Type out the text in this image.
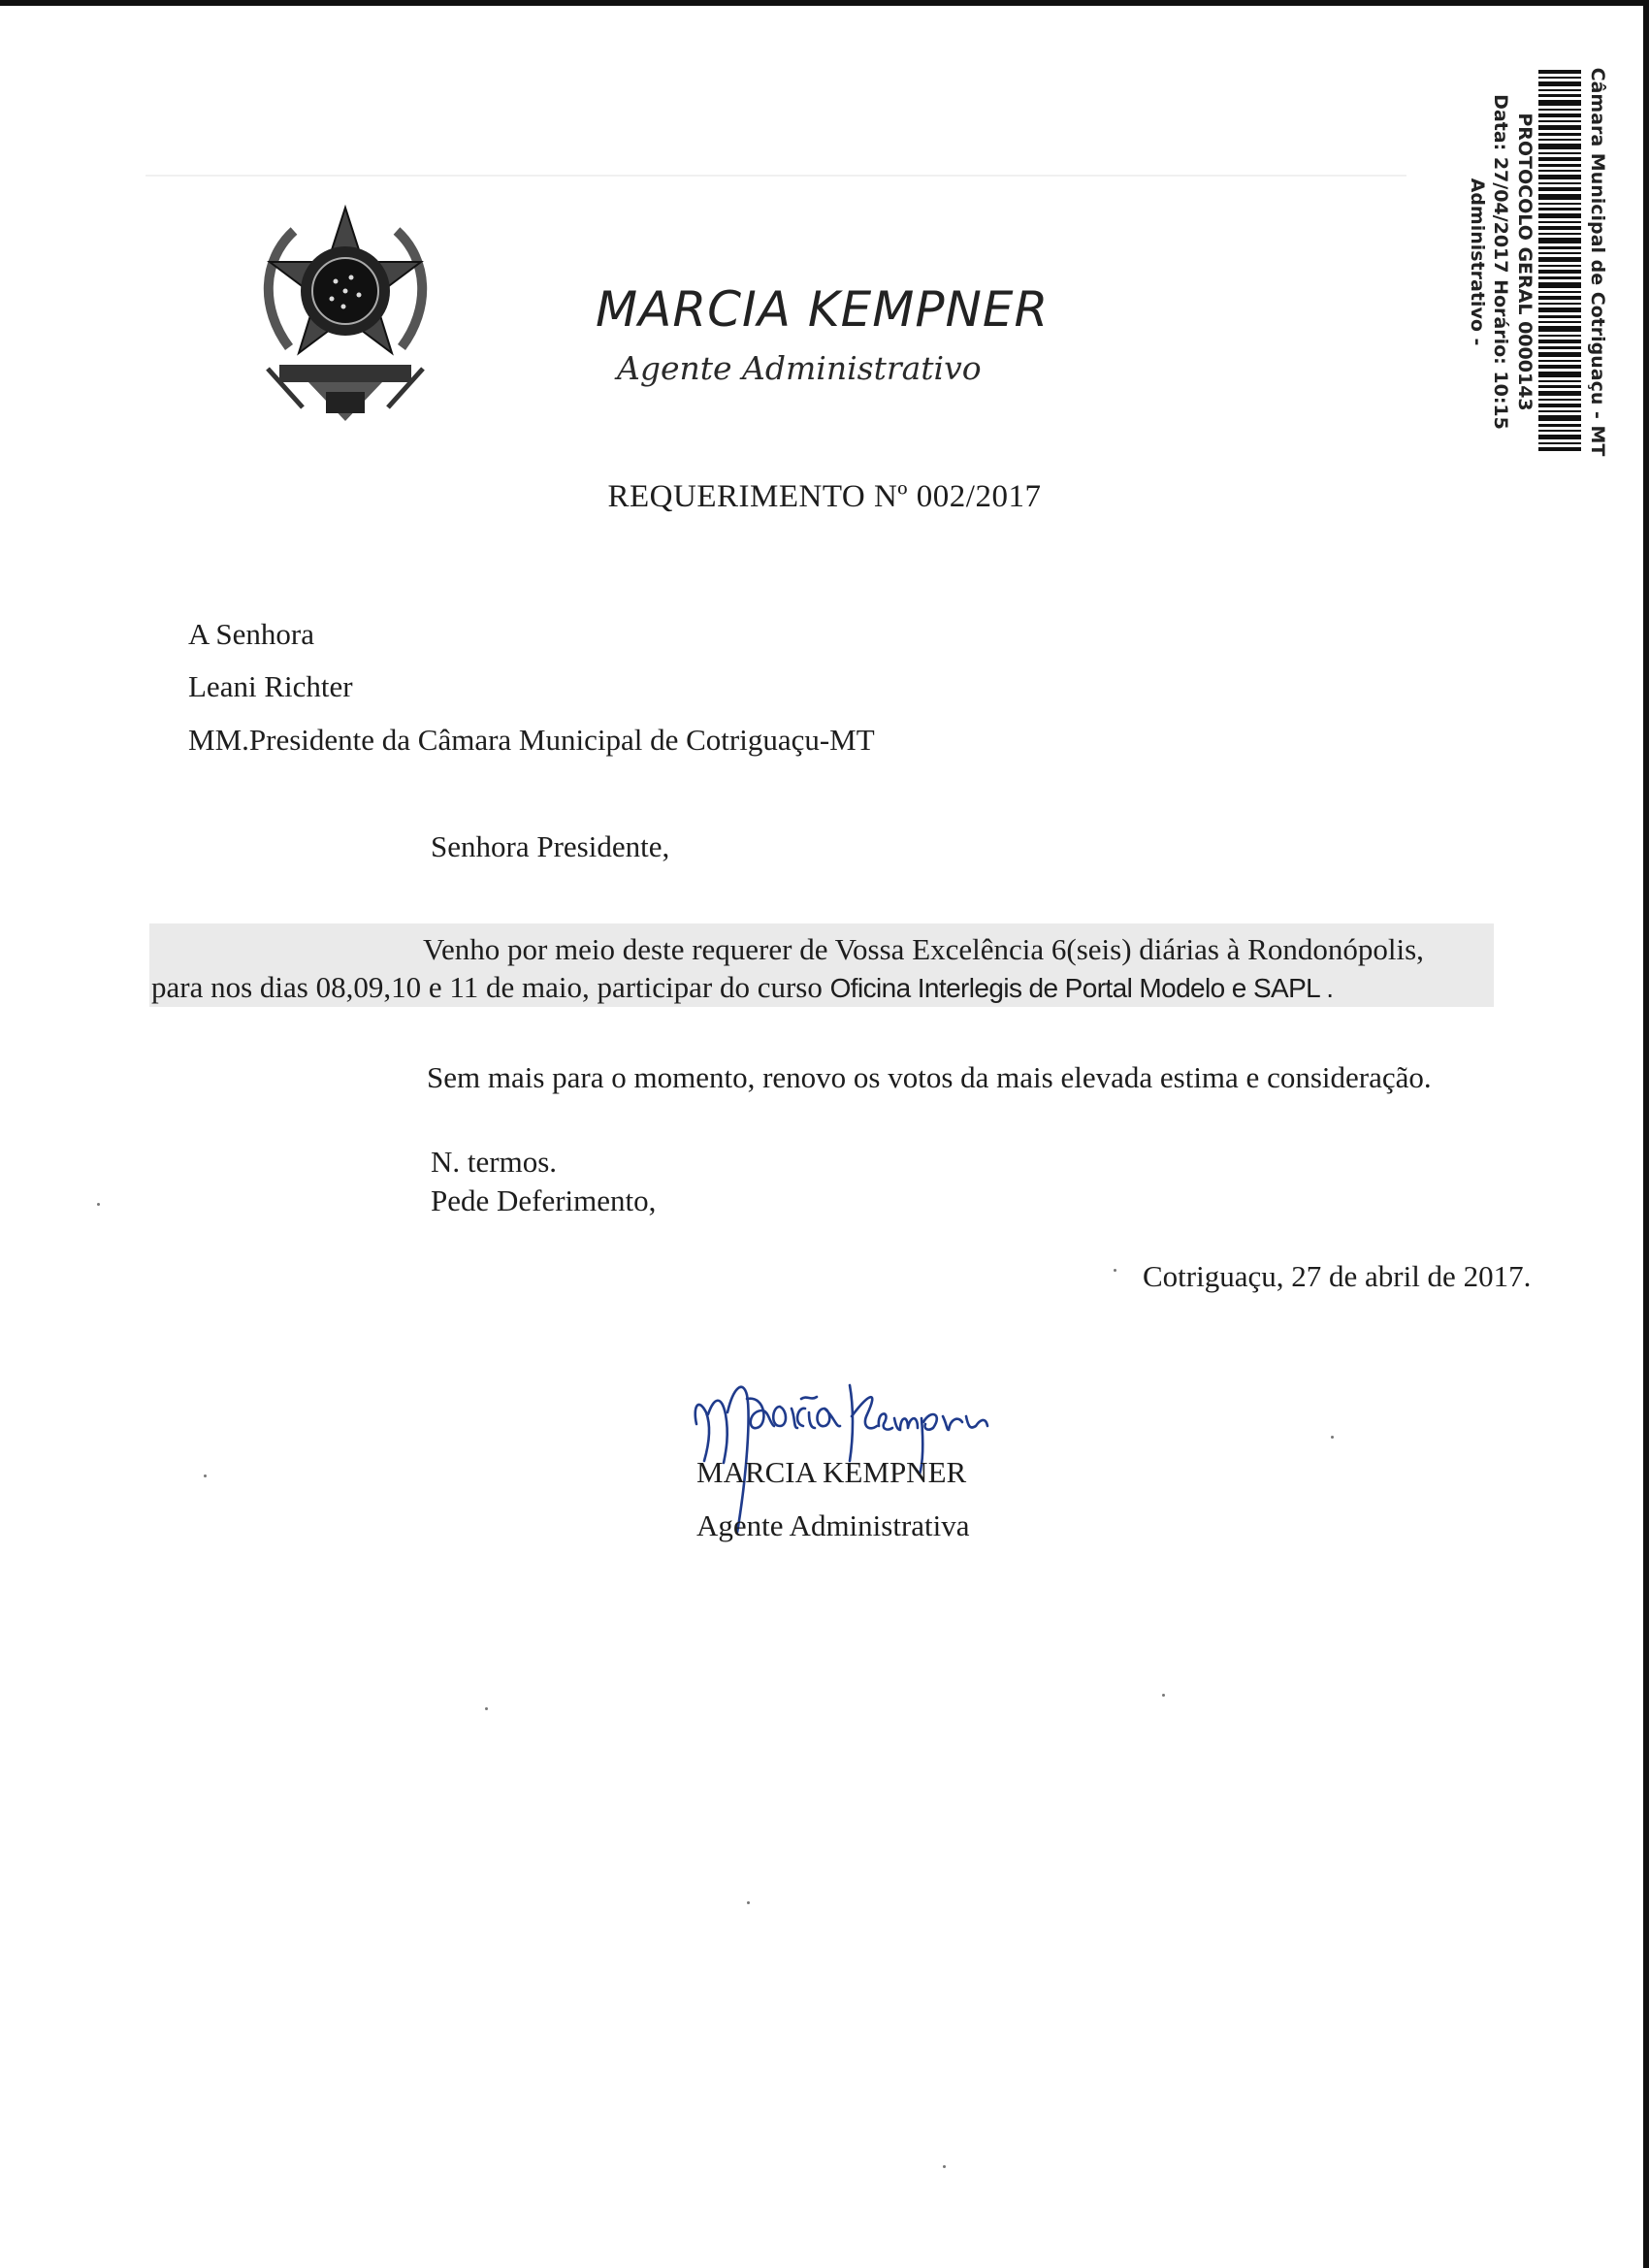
MARCIA KEMPNER
Agente Administrativo	Câmara Municipal de Cotriguaçu - MT
PROTOCOLO GERAL 0000143
Data: 27/04/2017 Horário: 10:15
Administrativo -
REQUERIMENTO Nº 002/2017
A Senhora
Leani Richter
MM.Presidente da Câmara Municipal de Cotriguaçu-MT
Senhora Presidente,
Venho por meio deste requerer de Vossa Excelência 6(seis) diárias à Rondonópolis,
para nos dias 08,09,10 e 11 de maio, participar do curso Oficina Interlegis de Portal Modelo e SAPL .
Sem mais para o momento, renovo os votos da mais elevada estima e consideração.
N. termos.
Pede Deferimento,
Cotriguaçu, 27 de abril de 2017.
MARCIA KEMPNER
Agente Administrativa
